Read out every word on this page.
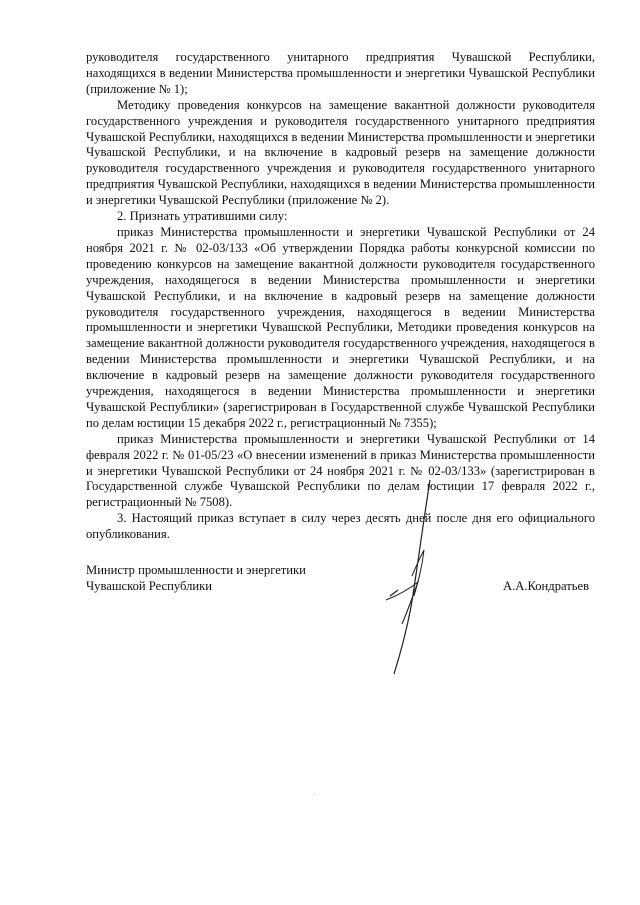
руководителя государственного унитарного предприятия Чувашской Республики, находящихся в ведении Министерства промышленности и энергетики Чувашской Республики (приложение № 1);

Методику проведения конкурсов на замещение вакантной должности руководителя государственного учреждения и руководителя государственного унитарного предприятия Чувашской Республики, находящихся в ведении Министерства промышленности и энергетики Чувашской Республики, и на включение в кадровый резерв на замещение должности руководителя государственного учреждения и руководителя государственного унитарного предприятия Чувашской Республики, находящихся в ведении Министерства промышленности и энергетики Чувашской Республики (приложение № 2).

2. Признать утратившими силу:

приказ Министерства промышленности и энергетики Чувашской Республики от 24 ноября 2021 г. № 02-03/133 «Об утверждении Порядка работы конкурсной комиссии по проведению конкурсов на замещение вакантной должности руководителя государственного учреждения, находящегося в ведении Министерства промышленности и энергетики Чувашской Республики, и на включение в кадровый резерв на замещение должности руководителя государственного учреждения, находящегося в ведении Министерства промышленности и энергетики Чувашской Республики, Методики проведения конкурсов на замещение вакантной должности руководителя государственного учреждения, находящегося в ведении Министерства промышленности и энергетики Чувашской Республики, и на включение в кадровый резерв на замещение должности руководителя государственного учреждения, находящегося в ведении Министерства промышленности и энергетики Чувашской Республики» (зарегистрирован в Государственной службе Чувашской Республики по делам юстиции 15 декабря 2022 г., регистрационный № 7355);

приказ Министерства промышленности и энергетики Чувашской Республики от 14 февраля 2022 г. № 01-05/23 «О внесении изменений в приказ Министерства промышленности и энергетики Чувашской Республики от 24 ноября 2021 г. № 02-03/133» (зарегистрирован в Государственной службе Чувашской Республики по делам юстиции 17 февраля 2022 г., регистрационный № 7508).

3. Настоящий приказ вступает в силу через десять дней после дня его официального опубликования.

Министр промышленности и энергетики

Чувашской Республики	А.А.Кондратьев
